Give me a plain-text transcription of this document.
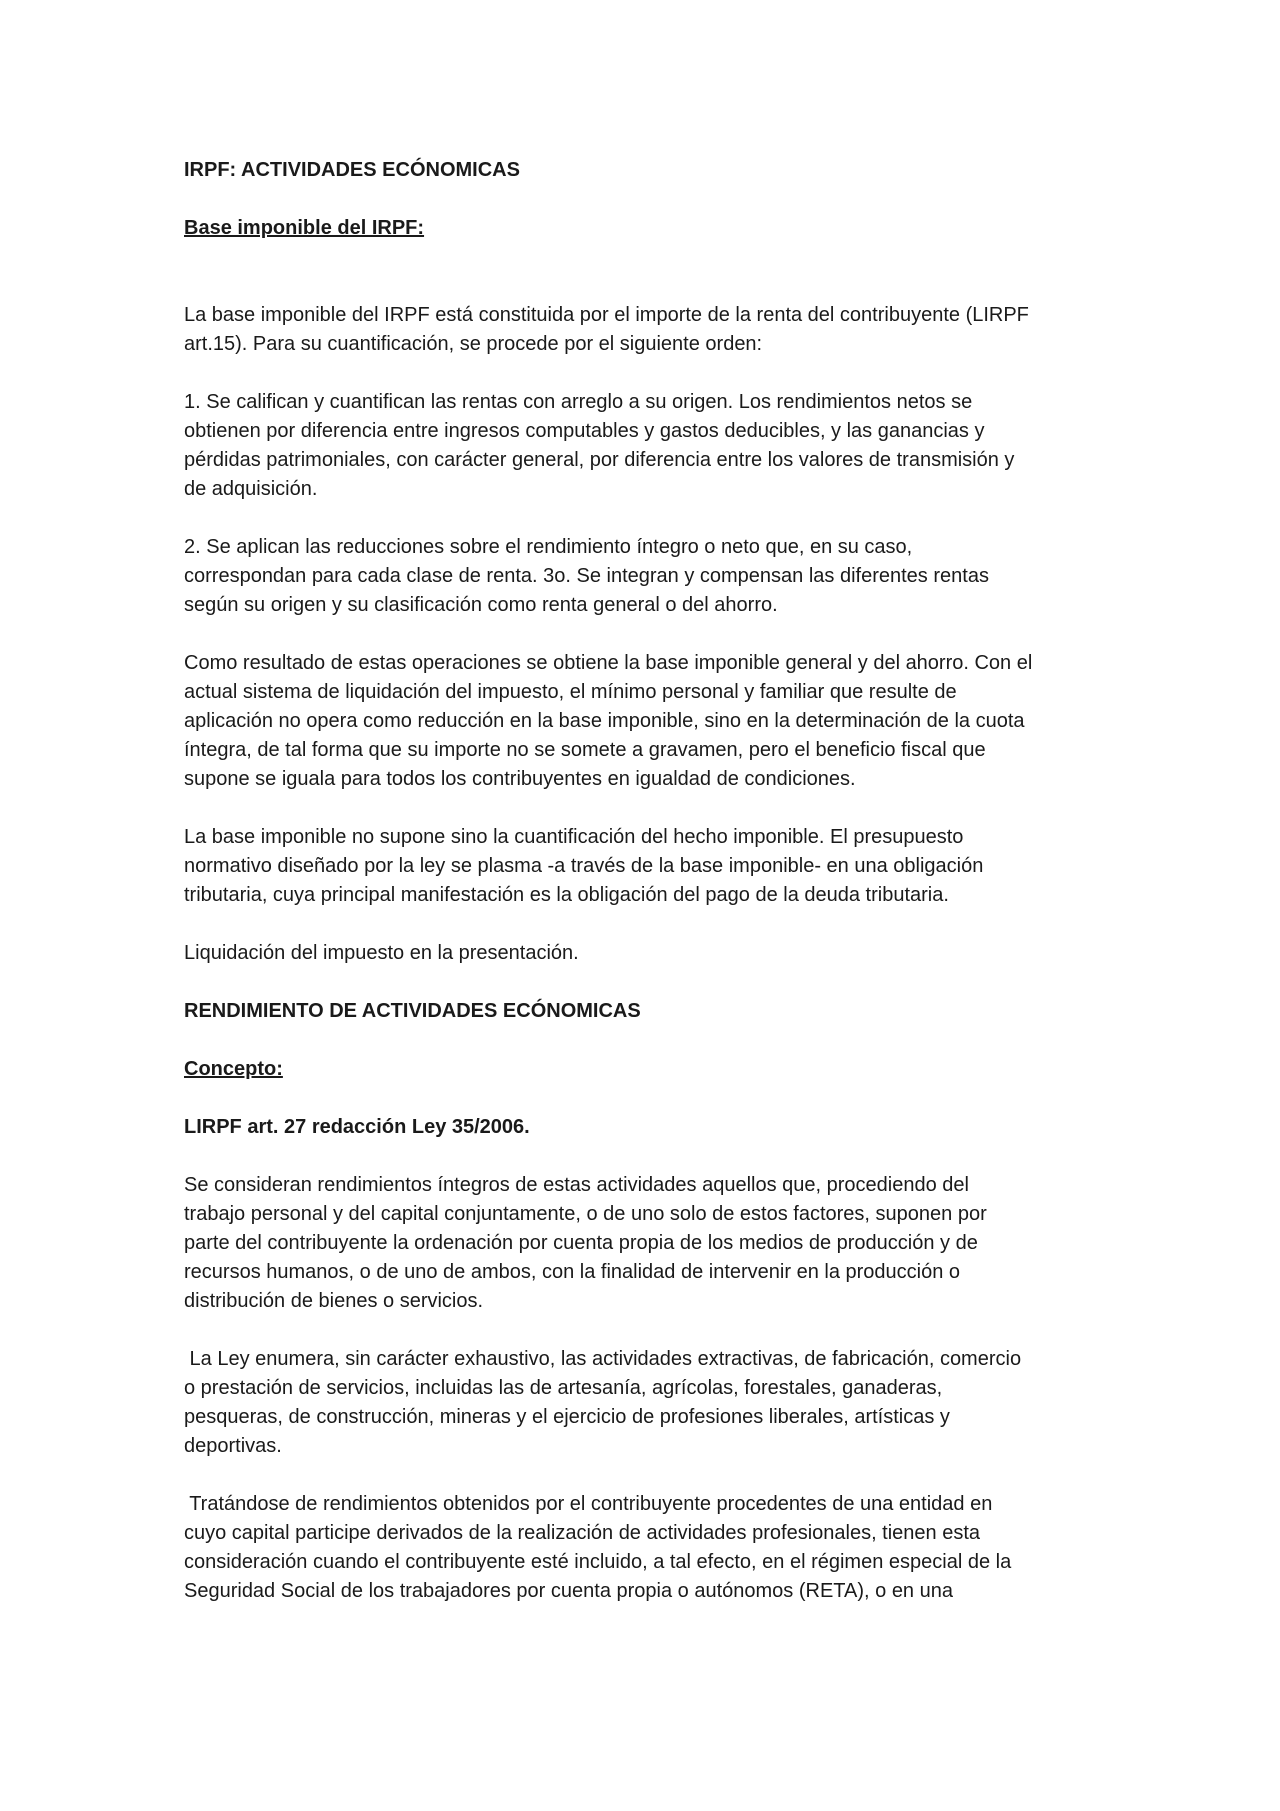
IRPF: ACTIVIDADES ECÓNOMICAS

Base imponible del IRPF:

La base imponible del IRPF está constituida por el importe de la renta del contribuyente (LIRPF
art.15). Para su cuantificación, se procede por el siguiente orden:

1. Se califican y cuantifican las rentas con arreglo a su origen. Los rendimientos netos se
obtienen por diferencia entre ingresos computables y gastos deducibles, y las ganancias y
pérdidas patrimoniales, con carácter general, por diferencia entre los valores de transmisión y
de adquisición.

2. Se aplican las reducciones sobre el rendimiento íntegro o neto que, en su caso,
correspondan para cada clase de renta. 3o. Se integran y compensan las diferentes rentas
según su origen y su clasificación como renta general o del ahorro.

Como resultado de estas operaciones se obtiene la base imponible general y del ahorro. Con el
actual sistema de liquidación del impuesto, el mínimo personal y familiar que resulte de
aplicación no opera como reducción en la base imponible, sino en la determinación de la cuota
íntegra, de tal forma que su importe no se somete a gravamen, pero el beneficio fiscal que
supone se iguala para todos los contribuyentes en igualdad de condiciones.

La base imponible no supone sino la cuantificación del hecho imponible. El presupuesto
normativo diseñado por la ley se plasma -a través de la base imponible- en una obligación
tributaria, cuya principal manifestación es la obligación del pago de la deuda tributaria.

Liquidación del impuesto en la presentación.

RENDIMIENTO DE ACTIVIDADES ECÓNOMICAS

Concepto:

LIRPF art. 27 redacción Ley 35/2006.

Se consideran rendimientos íntegros de estas actividades aquellos que, procediendo del
trabajo personal y del capital conjuntamente, o de uno solo de estos factores, suponen por
parte del contribuyente la ordenación por cuenta propia de los medios de producción y de
recursos humanos, o de uno de ambos, con la finalidad de intervenir en la producción o
distribución de bienes o servicios.

La Ley enumera, sin carácter exhaustivo, las actividades extractivas, de fabricación, comercio
o prestación de servicios, incluidas las de artesanía, agrícolas, forestales, ganaderas,
pesqueras, de construcción, mineras y el ejercicio de profesiones liberales, artísticas y
deportivas.

Tratándose de rendimientos obtenidos por el contribuyente procedentes de una entidad en
cuyo capital participe derivados de la realización de actividades profesionales, tienen esta
consideración cuando el contribuyente esté incluido, a tal efecto, en el régimen especial de la
Seguridad Social de los trabajadores por cuenta propia o autónomos (RETA), o en una
